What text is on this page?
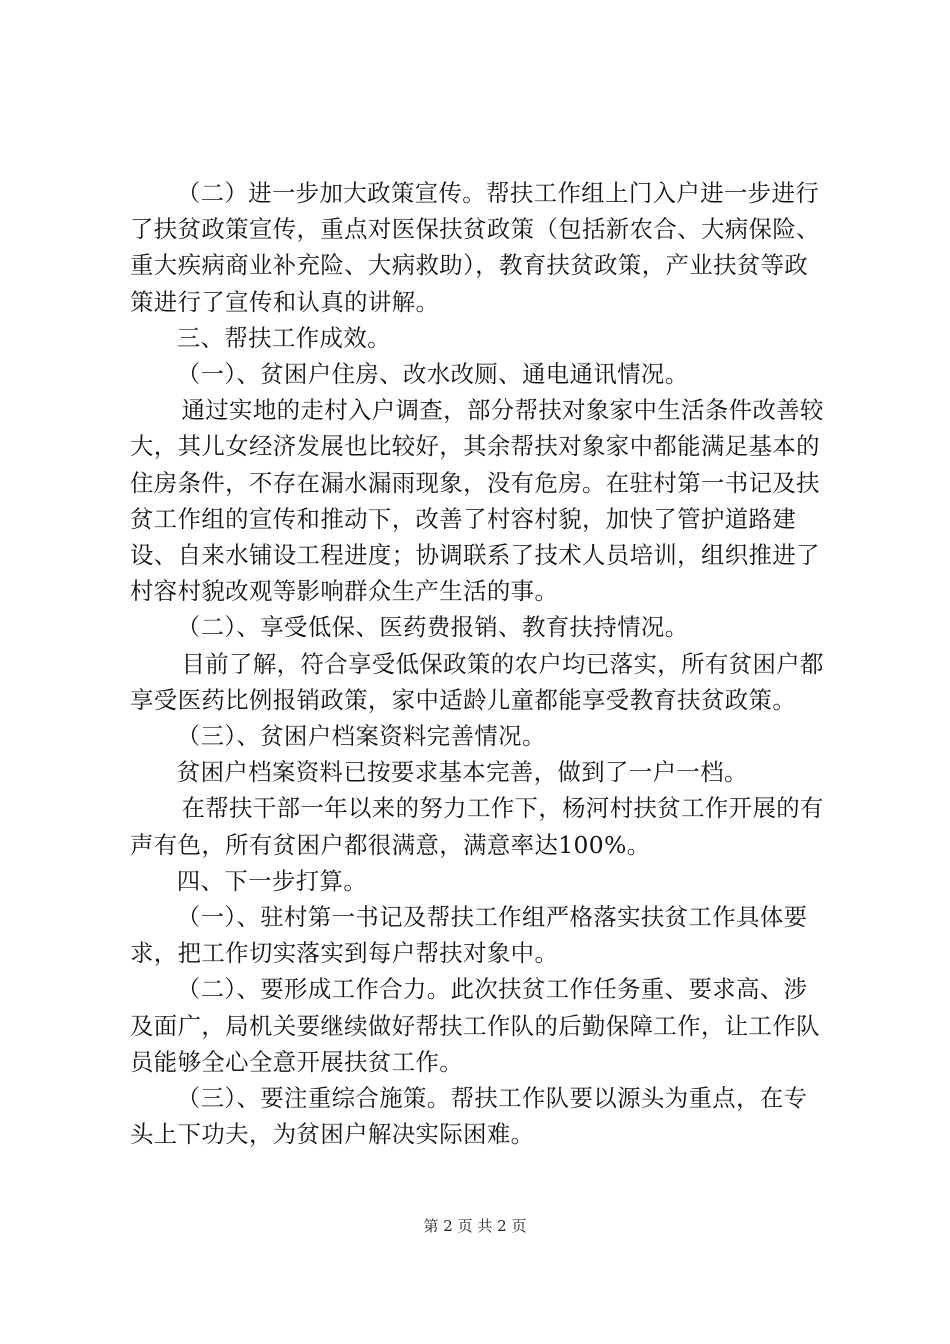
（二）进一步加大政策宣传。帮扶工作组上门入户进一步进行了扶贫政策宣传，重点对医保扶贫政策（包括新农合、大病保险、重大疾病商业补充险、大病救助），教育扶贫政策，产业扶贫等政策进行了宣传和认真的讲解。

三、帮扶工作成效。

（一）、贫困户住房、改水改厕、通电通讯情况。

通过实地的走村入户调查，部分帮扶对象家中生活条件改善较大，其儿女经济发展也比较好，其余帮扶对象家中都能满足基本的住房条件，不存在漏水漏雨现象，没有危房。在驻村第一书记及扶贫工作组的宣传和推动下，改善了村容村貌，加快了管护道路建设、自来水铺设工程进度；协调联系了技术人员培训，组织推进了村容村貌改观等影响群众生产生活的事。

（二）、享受低保、医药费报销、教育扶持情况。

目前了解，符合享受低保政策的农户均已落实，所有贫困户都享受医药比例报销政策，家中适龄儿童都能享受教育扶贫政策。

（三）、贫困户档案资料完善情况。

贫困户档案资料已按要求基本完善，做到了一户一档。

在帮扶干部一年以来的努力工作下，杨河村扶贫工作开展的有声有色，所有贫困户都很满意，满意率达100%。

四、下一步打算。

（一）、驻村第一书记及帮扶工作组严格落实扶贫工作具体要求，把工作切实落实到每户帮扶对象中。

（二）、要形成工作合力。此次扶贫工作任务重、要求高、涉及面广，局机关要继续做好帮扶工作队的后勤保障工作，让工作队员能够全心全意开展扶贫工作。

（三）、要注重综合施策。帮扶工作队要以源头为重点，在专头上下功夫，为贫困户解决实际困难。

第 2 页 共 2 页
